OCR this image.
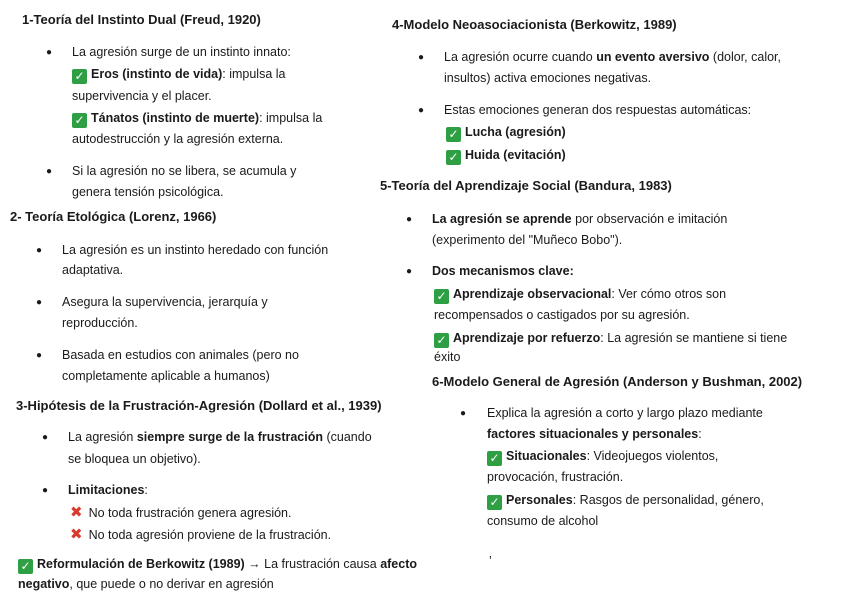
1-Teoría del Instinto Dual (Freud, 1920)
● La agresión surge de un instinto innato:
✓ Eros (instinto de vida): impulsa la
supervivencia y el placer.
✓ Tánatos (instinto de muerte): impulsa la
autodestrucción y la agresión externa.
● Si la agresión no se libera, se acumula y
genera tensión psicológica.
2- Teoría Etológica (Lorenz, 1966)
● La agresión es un instinto heredado con función
adaptativa.
● Asegura la supervivencia, jerarquía y
reproducción.
● Basada en estudios con animales (pero no
completamente aplicable a humanos)
3-Hipótesis de la Frustración-Agresión (Dollard et al., 1939)
● La agresión siempre surge de la frustración (cuando
se bloquea un objetivo).
● Limitaciones:
✖ No toda frustración genera agresión.
✖ No toda agresión proviene de la frustración.
✓ Reformulación de Berkowitz (1989) → La frustración causa afecto
negativo, que puede o no derivar en agresión
4-Modelo Neoasociacionista (Berkowitz, 1989)
● La agresión ocurre cuando un evento aversivo (dolor, calor,
insultos) activa emociones negativas.
● Estas emociones generan dos respuestas automáticas:
✓ Lucha (agresión)
✓ Huida (evitación)
5-Teoría del Aprendizaje Social (Bandura, 1983)
● La agresión se aprende por observación e imitación
(experimento del "Muñeco Bobo").
● Dos mecanismos clave:
✓ Aprendizaje observacional: Ver cómo otros son
recompensados o castigados por su agresión.
✓ Aprendizaje por refuerzo: La agresión se mantiene si tiene
éxito
6-Modelo General de Agresión (Anderson y Bushman, 2002)
● Explica la agresión a corto y largo plazo mediante
factores situacionales y personales:
✓ Situacionales: Videojuegos violentos,
provocación, frustración.
✓ Personales: Rasgos de personalidad, género,
consumo de alcohol
’
